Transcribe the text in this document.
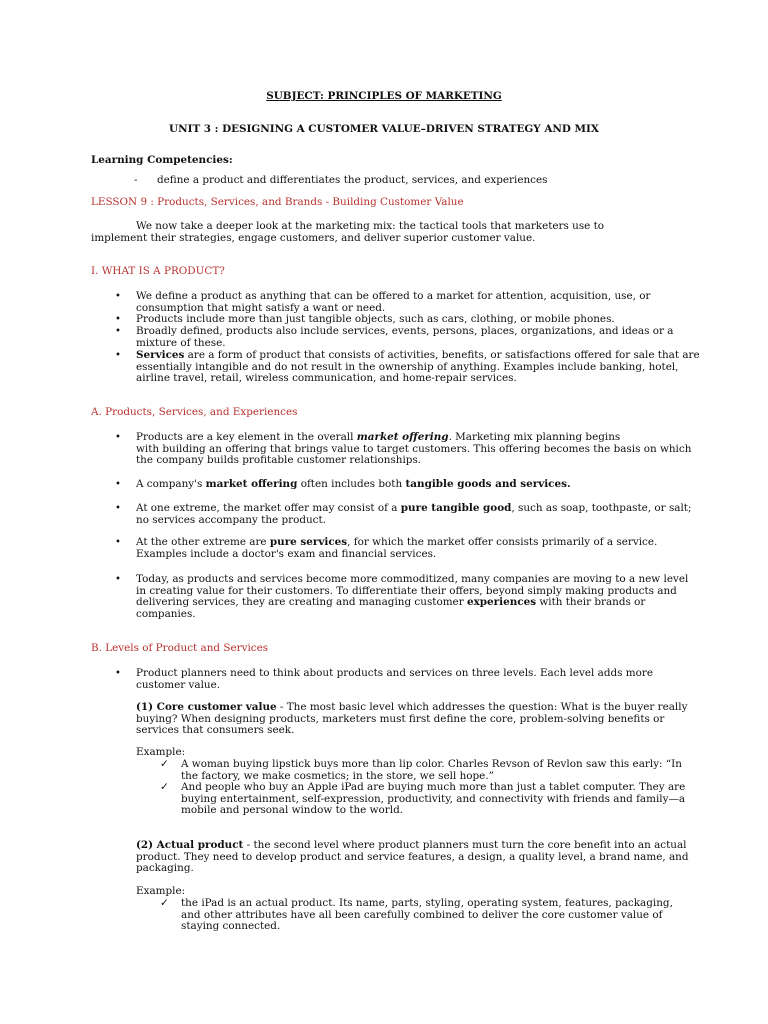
SUBJECT: PRINCIPLES OF MARKETING
UNIT 3 : DESIGNING A CUSTOMER VALUE–DRIVEN STRATEGY AND MIX
Learning Competencies:
- define a product and differentiates the product, services, and experiences
LESSON 9 : Products, Services, and Brands - Building Customer Value
We now take a deeper look at the marketing mix: the tactical tools that marketers use to
implement their strategies, engage customers, and deliver superior customer value.
I. WHAT IS A PRODUCT?
• We define a product as anything that can be offered to a market for attention, acquisition, use, or

consumption that might satisfy a want or need.

• Products include more than just tangible objects, such as cars, clothing, or mobile phones.

• Broadly defined, products also include services, events, persons, places, organizations, and ideas or a

mixture of these.

• Services are a form of product that consists of activities, benefits, or satisfactions offered for sale that are

essentially intangible and do not result in the ownership of anything. Examples include banking, hotel,

airline travel, retail, wireless communication, and home-repair services.

A. Products, Services, and Experiences
• Products are a key element in the overall market offering. Marketing mix planning begins

with building an offering that brings value to target customers. This offering becomes the basis on which

the company builds profitable customer relationships.

• A company's market offering often includes both tangible goods and services.

• At one extreme, the market offer may consist of a pure tangible good, such as soap, toothpaste, or salt;

no services accompany the product.

• At the other extreme are pure services, for which the market offer consists primarily of a service.

Examples include a doctor's exam and financial services.

• Today, as products and services become more commoditized, many companies are moving to a new level

in creating value for their customers. To differentiate their offers, beyond simply making products and

delivering services, they are creating and managing customer experiences with their brands or

companies.

B. Levels of Product and Services
• Product planners need to think about products and services on three levels. Each level adds more

customer value.

(1) Core customer value - The most basic level which addresses the question: What is the buyer really

buying? When designing products, marketers must first define the core, problem-solving benefits or

services that consumers seek.

Example:
✓ A woman buying lipstick buys more than lip color. Charles Revson of Revlon saw this early: “In

the factory, we make cosmetics; in the store, we sell hope.”

✓ And people who buy an Apple iPad are buying much more than just a tablet computer. They are

buying entertainment, self-expression, productivity, and connectivity with friends and family—a

mobile and personal window to the world.

(2) Actual product - the second level where product planners must turn the core benefit into an actual

product. They need to develop product and service features, a design, a quality level, a brand name, and

packaging.

Example:
✓ the iPad is an actual product. Its name, parts, styling, operating system, features, packaging,

and other attributes have all been carefully combined to deliver the core customer value of

staying connected.
